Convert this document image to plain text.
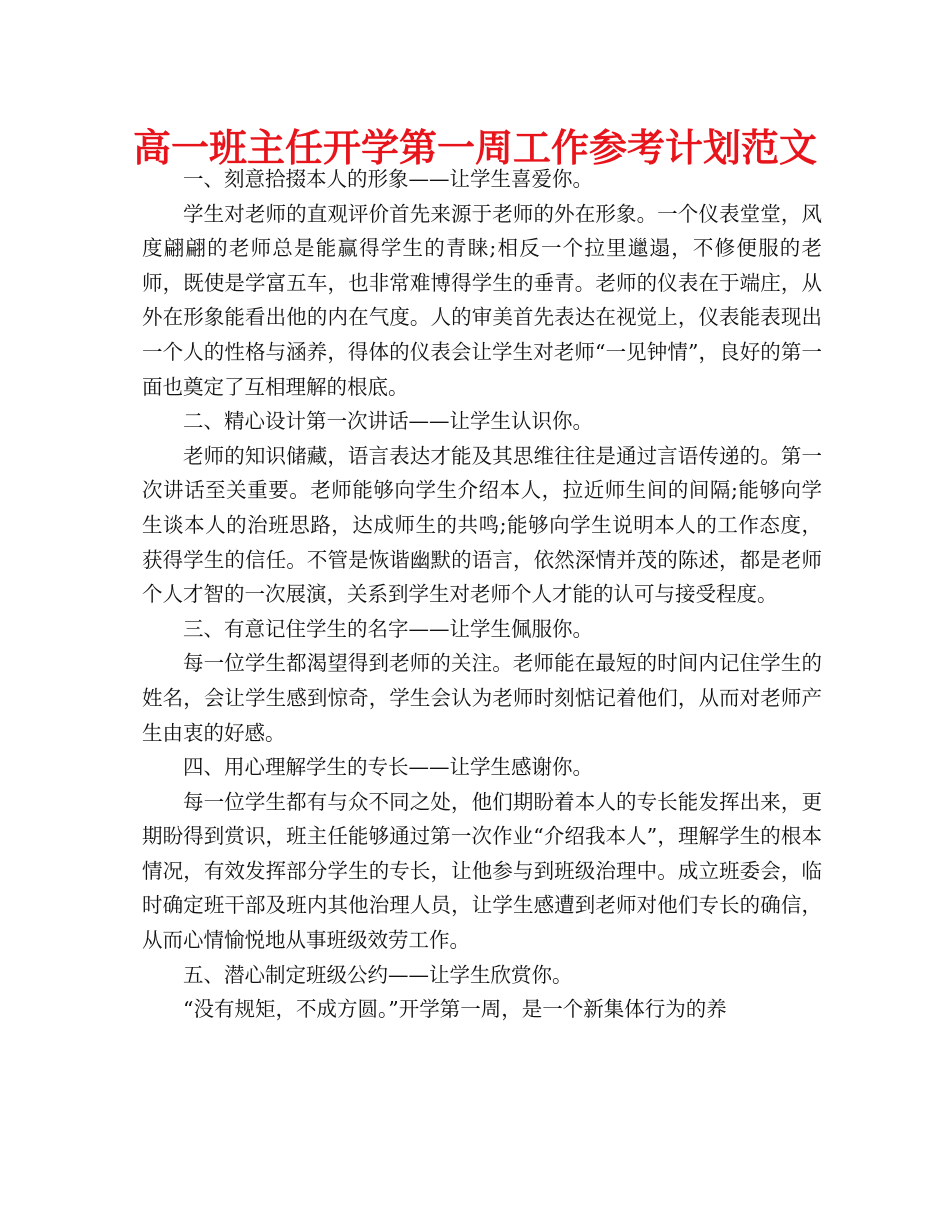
高一班主任开学第一周工作参考计划范文

一、刻意拾掇本人的形象——让学生喜爱你。

学生对老师的直观评价首先来源于老师的外在形象。一个仪表堂堂，风度翩翩的老师总是能赢得学生的青睐;相反一个拉里邋遢，不修便服的老师，既使是学富五车，也非常难博得学生的垂青。老师的仪表在于端庄，从外在形象能看出他的内在气度。人的审美首先表达在视觉上，仪表能表现出一个人的性格与涵养，得体的仪表会让学生对老师“一见钟情”，良好的第一面也奠定了互相理解的根底。

二、精心设计第一次讲话——让学生认识你。

老师的知识储藏，语言表达才能及其思维往往是通过言语传递的。第一次讲话至关重要。老师能够向学生介绍本人，拉近师生间的间隔;能够向学生谈本人的治班思路，达成师生的共鸣;能够向学生说明本人的工作态度，获得学生的信任。不管是恢谐幽默的语言，依然深情并茂的陈述，都是老师个人才智的一次展演，关系到学生对老师个人才能的认可与接受程度。

三、有意记住学生的名字——让学生佩服你。

每一位学生都渴望得到老师的关注。老师能在最短的时间内记住学生的姓名，会让学生感到惊奇，学生会认为老师时刻惦记着他们，从而对老师产生由衷的好感。

四、用心理解学生的专长——让学生感谢你。

每一位学生都有与众不同之处，他们期盼着本人的专长能发挥出来，更期盼得到赏识，班主任能够通过第一次作业“介绍我本人”，理解学生的根本情况，有效发挥部分学生的专长，让他参与到班级治理中。成立班委会，临时确定班干部及班内其他治理人员，让学生感遭到老师对他们专长的确信，从而心情愉悦地从事班级效劳工作。

五、潜心制定班级公约——让学生欣赏你。

“没有规矩，不成方圆。”开学第一周，是一个新集体行为的养
